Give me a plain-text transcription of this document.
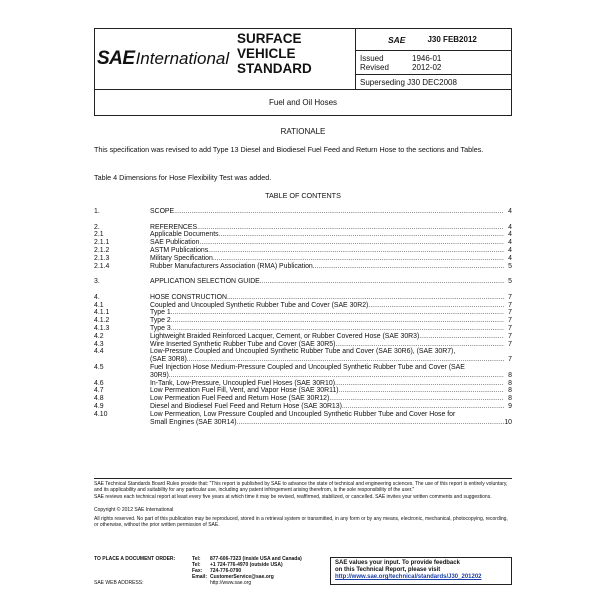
SAE International
SURFACE
VEHICLE
STANDARD
SAE	J30 FEB2012
Issued	1946-01
Revised	2012-02
Superseding J30 DEC2008
Fuel and Oil Hoses
RATIONALE
This specification was revised to add Type 13 Diesel and Biodiesel Fuel Feed and Return Hose to the sections and Tables.
Table 4 Dimensions for Hose Flexibility Test was added.
TABLE OF CONTENTS
1.	SCOPE .....	4
2.	REFERENCES .....	4
2.1	Applicable Documents .....	4
2.1.1	SAE Publication .....	4
2.1.2	ASTM Publications .....	4
2.1.3	Military Specification .....	4
2.1.4	Rubber Manufacturers Association (RMA) Publication .....	5
3.	APPLICATION SELECTION GUIDE .....	5
4.	HOSE CONSTRUCTION .....	7
4.1	Coupled and Uncoupled Synthetic Rubber Tube and Cover (SAE 30R2) .....	7
4.1.1	Type 1 .....	7
4.1.2	Type 2 .....	7
4.1.3	Type 3 .....	7
4.2	Lightweight Braided Reinforced Lacquer, Cement, or Rubber Covered Hose (SAE 30R3) .....	7
4.3	Wire Inserted Synthetic Rubber Tube and Cover (SAE 30R5) .....	7
4.4	Low-Pressure Coupled and Uncoupled Synthetic Rubber Tube and Cover (SAE 30R6), (SAE 30R7),
(SAE 30R8) .....	7
4.5	Fuel Injection Hose Medium-Pressure Coupled and Uncoupled Synthetic Rubber Tube and Cover (SAE
30R9) .....	8
4.6	In-Tank, Low-Pressure, Uncoupled Fuel Hoses (SAE 30R10) .....	8
4.7	Low Permeation Fuel Fill, Vent, and Vapor Hose (SAE 30R11) .....	8
4.8	Low Permeation Fuel Feed and Return Hose (SAE 30R12) .....	8
4.9	Diesel and Biodiesel Fuel Feed and Return Hose (SAE 30R13) .....	9
4.10	Low Permeation, Low Pressure Coupled and Uncoupled Synthetic Rubber Tube and Cover Hose for
Small Engines (SAE 30R14) .....	10
SAE Technical Standards Board Rules provide that: "This report is published by SAE to advance the state of technical and engineering sciences. The use of this report is entirely voluntary, and its applicability and suitability for any particular use, including any patent infringement arising therefrom, is the sole responsibility of the user."
SAE reviews each technical report at least every five years at which time it may be revised, reaffirmed, stabilized, or cancelled. SAE invites your written comments and suggestions.
Copyright © 2012 SAE International
All rights reserved. No part of this publication may be reproduced, stored in a retrieval system or transmitted, in any form or by any means, electronic, mechanical, photocopying, recording, or otherwise, without the prior written permission of SAE.
TO PLACE A DOCUMENT ORDER:
SAE WEB ADDRESS:
Tel: 877-606-7323 (inside USA and Canada)
Tel: +1 724-776-4970 (outside USA)
Fax: 724-776-0790
Email: CustomerService@sae.org
http://www.sae.org
SAE values your input. To provide feedback
on this Technical Report, please visit
http://www.sae.org/technical/standards/J30_201202
